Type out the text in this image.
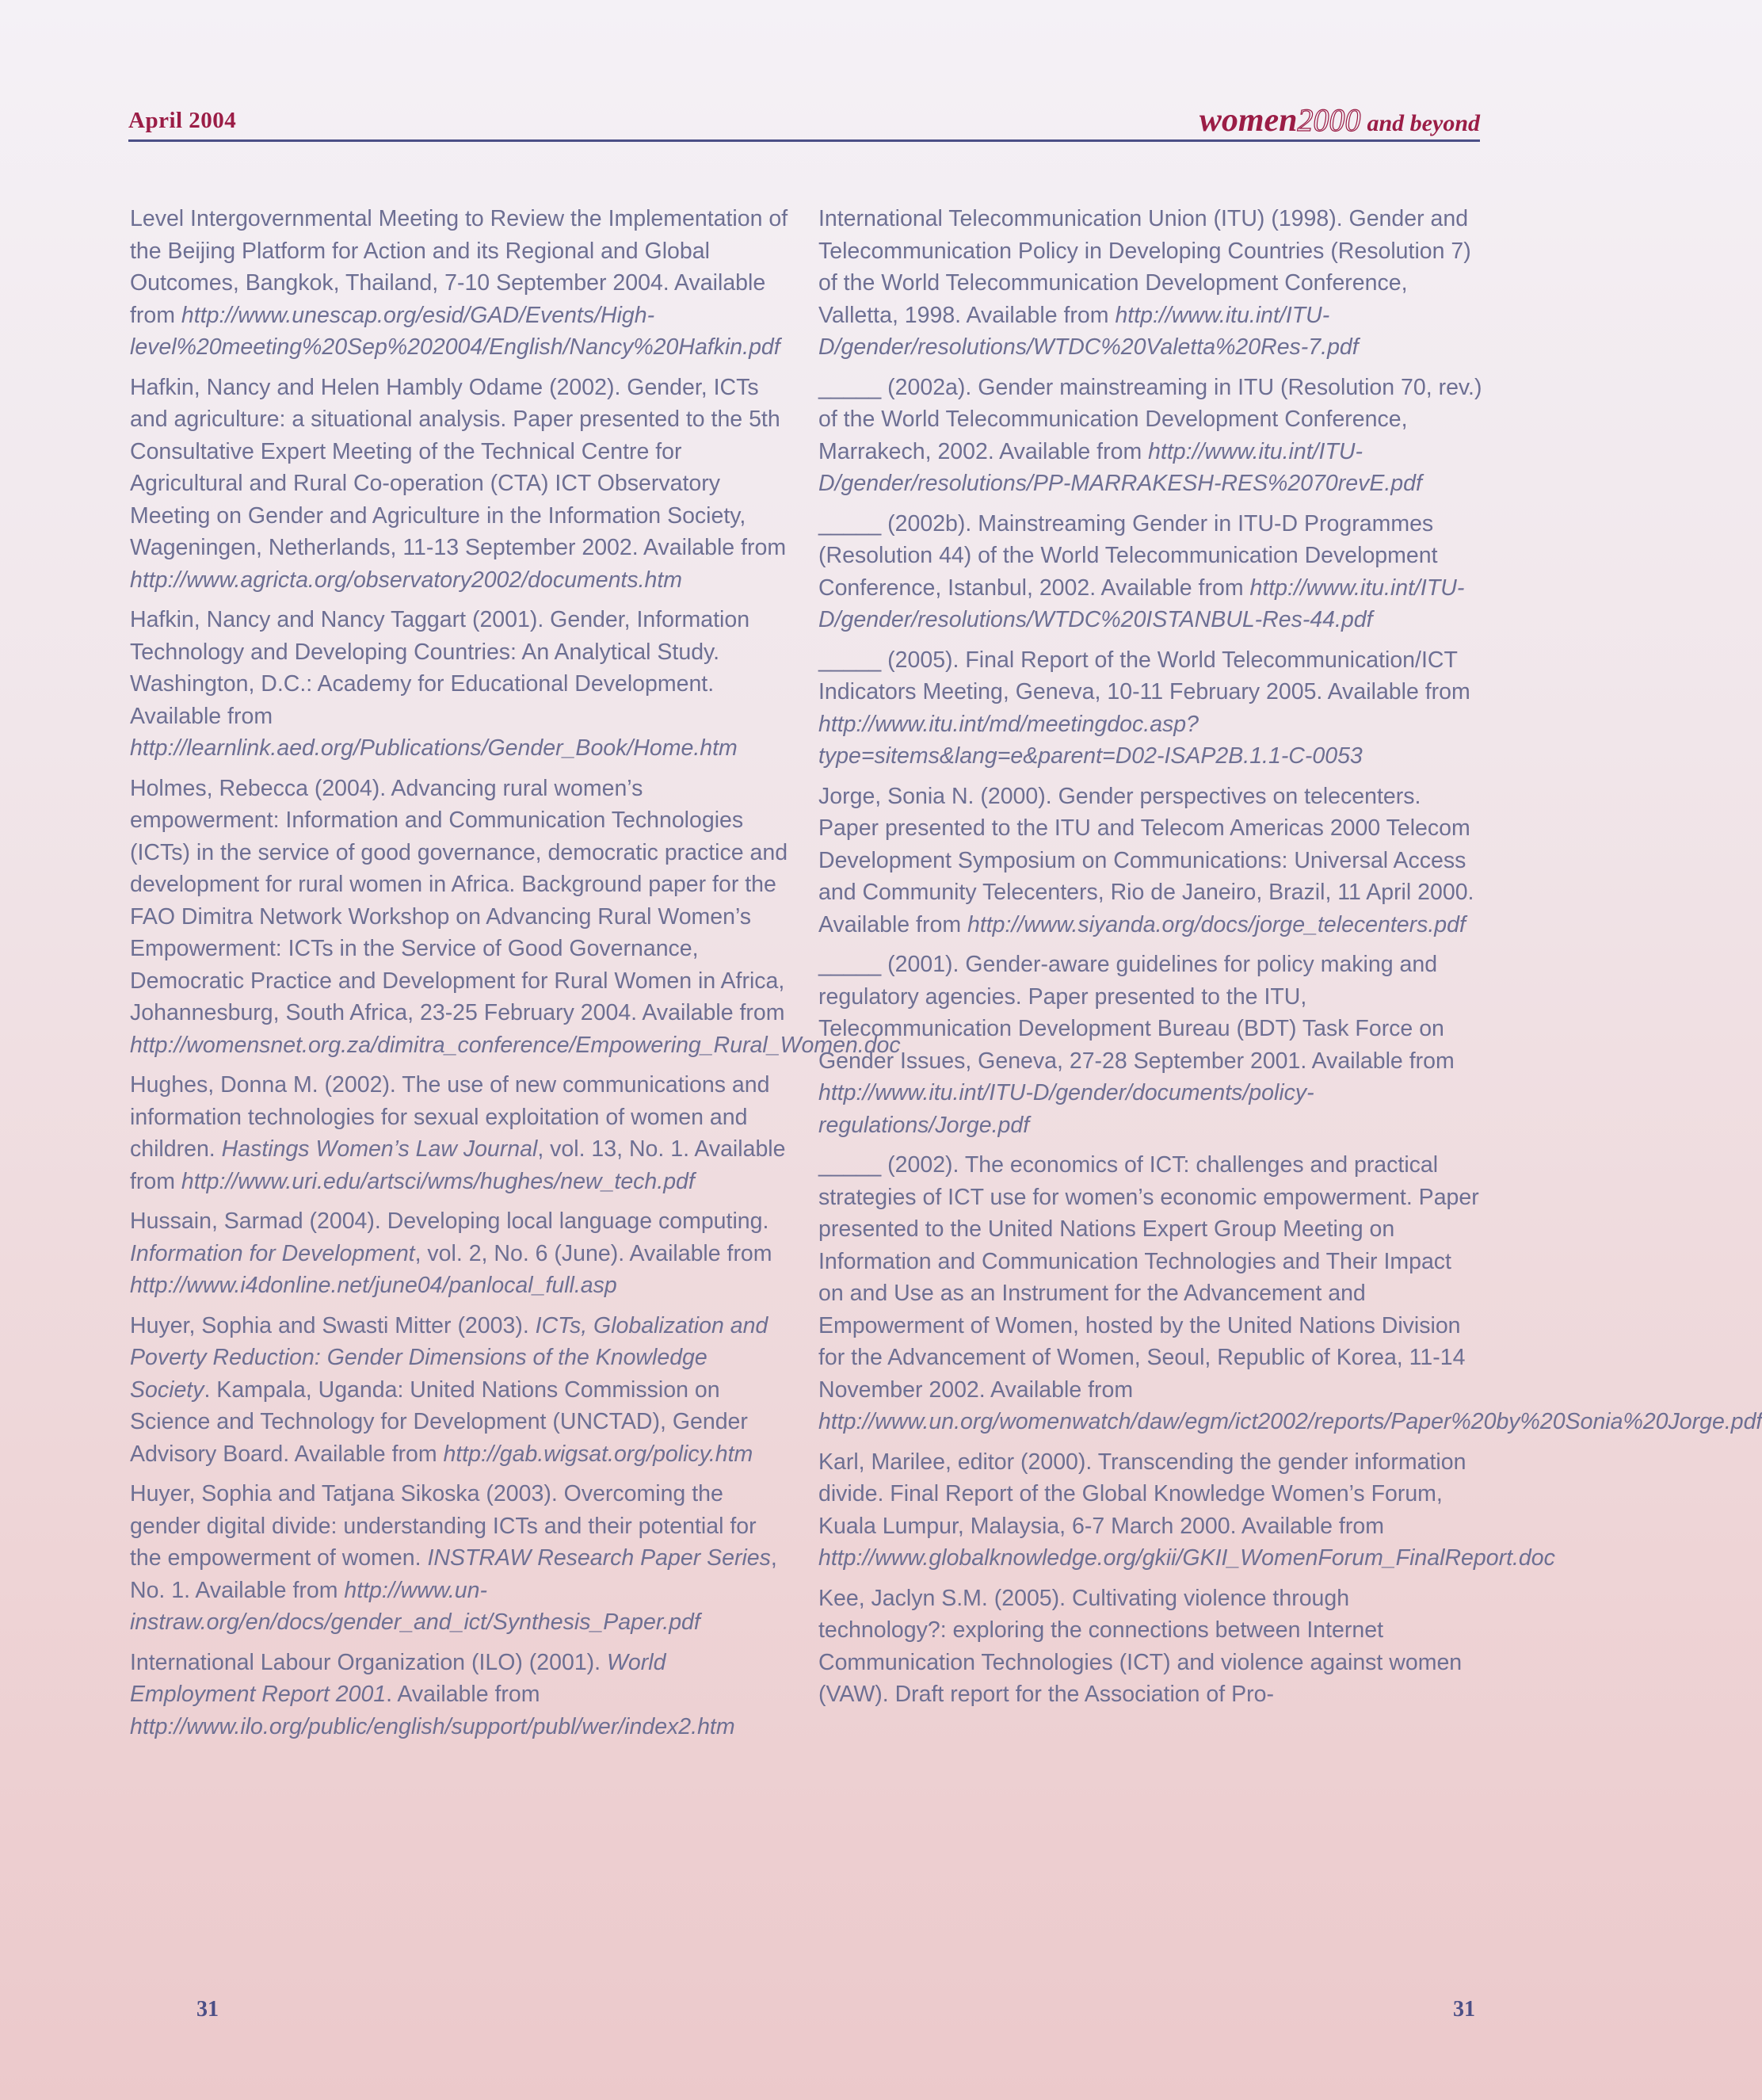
April 2004	women2000 and beyond

Level Intergovernmental Meeting to Review the Implementation of the Beijing Platform for Action and its Regional and Global Outcomes, Bangkok, Thailand, 7-10 September 2004. Available from http://www.unescap.org/esid/GAD/Events/High-level%20meeting%20Sep%202004/English/Nancy%20Hafkin.pdf

Hafkin, Nancy and Helen Hambly Odame (2002). Gender, ICTs and agriculture: a situational analysis. Paper presented to the 5th Consultative Expert Meeting of the Technical Centre for Agricultural and Rural Co-operation (CTA) ICT Observatory Meeting on Gender and Agriculture in the Information Society, Wageningen, Netherlands, 11-13 September 2002. Available from http://www.agricta.org/observatory2002/documents.htm

Hafkin, Nancy and Nancy Taggart (2001). Gender, Information Technology and Developing Countries: An Analytical Study. Washington, D.C.: Academy for Educational Development. Available from http://learnlink.aed.org/Publications/Gender_Book/Home.htm

Holmes, Rebecca (2004). Advancing rural women’s empowerment: Information and Communication Technologies (ICTs) in the service of good governance, democratic practice and development for rural women in Africa. Background paper for the FAO Dimitra Network Workshop on Advancing Rural Women’s Empowerment: ICTs in the Service of Good Governance, Democratic Practice and Development for Rural Women in Africa, Johannesburg, South Africa, 23-25 February 2004. Available from http://womensnet.org.za/dimitra_conference/Empowering_Rural_Women.doc

Hughes, Donna M. (2002). The use of new communications and information technologies for sexual exploitation of women and children. Hastings Women’s Law Journal, vol. 13, No. 1. Available from http://www.uri.edu/artsci/wms/hughes/new_tech.pdf

Hussain, Sarmad (2004). Developing local language computing. Information for Development, vol. 2, No. 6 (June). Available from http://www.i4donline.net/june04/panlocal_full.asp

Huyer, Sophia and Swasti Mitter (2003). ICTs, Globalization and Poverty Reduction: Gender Dimensions of the Knowledge Society. Kampala, Uganda: United Nations Commission on Science and Technology for Development (UNCTAD), Gender Advisory Board. Available from http://gab.wigsat.org/policy.htm

Huyer, Sophia and Tatjana Sikoska (2003). Overcoming the gender digital divide: understanding ICTs and their potential for the empowerment of women. INSTRAW Research Paper Series, No. 1. Available from http://www.un-instraw.org/en/docs/gender_and_ict/Synthesis_Paper.pdf

International Labour Organization (ILO) (2001). World Employment Report 2001. Available from http://www.ilo.org/public/english/support/publ/wer/index2.htm

International Telecommunication Union (ITU) (1998). Gender and Telecommunication Policy in Developing Countries (Resolution 7) of the World Telecommunication Development Conference, Valletta, 1998. Available from http://www.itu.int/ITU-D/gender/resolutions/WTDC%20Valetta%20Res-7.pdf

_____ (2002a). Gender mainstreaming in ITU (Resolution 70, rev.) of the World Telecommunication Development Conference, Marrakech, 2002. Available from http://www.itu.int/ITU-D/gender/resolutions/PP-MARRAKESH-RES%2070revE.pdf

_____ (2002b). Mainstreaming Gender in ITU-D Programmes (Resolution 44) of the World Telecommunication Development Conference, Istanbul, 2002. Available from http://www.itu.int/ITU-D/gender/resolutions/WTDC%20ISTANBUL-Res-44.pdf

_____ (2005). Final Report of the World Telecommunication/ICT Indicators Meeting, Geneva, 10-11 February 2005. Available from http://www.itu.int/md/meetingdoc.asp?type=sitems&lang=e&parent=D02-ISAP2B.1.1-C-0053

Jorge, Sonia N. (2000). Gender perspectives on telecenters. Paper presented to the ITU and Telecom Americas 2000 Telecom Development Symposium on Communications: Universal Access and Community Telecenters, Rio de Janeiro, Brazil, 11 April 2000. Available from http://www.siyanda.org/docs/jorge_telecenters.pdf

_____ (2001). Gender-aware guidelines for policy making and regulatory agencies. Paper presented to the ITU, Telecommunication Development Bureau (BDT) Task Force on Gender Issues, Geneva, 27-28 September 2001. Available from http://www.itu.int/ITU-D/gender/documents/policy-regulations/Jorge.pdf

_____ (2002). The economics of ICT: challenges and practical strategies of ICT use for women’s economic empowerment. Paper presented to the United Nations Expert Group Meeting on Information and Communication Technologies and Their Impact on and Use as an Instrument for the Advancement and Empowerment of Women, hosted by the United Nations Division for the Advancement of Women, Seoul, Republic of Korea, 11-14 November 2002. Available from http://www.un.org/womenwatch/daw/egm/ict2002/reports/Paper%20by%20Sonia%20Jorge.pdf

Karl, Marilee, editor (2000). Transcending the gender information divide. Final Report of the Global Knowledge Women’s Forum, Kuala Lumpur, Malaysia, 6-7 March 2000. Available from http://www.globalknowledge.org/gkii/GKII_WomenForum_FinalReport.doc

Kee, Jaclyn S.M. (2005). Cultivating violence through technology?: exploring the connections between Internet Communication Technologies (ICT) and violence against women (VAW). Draft report for the Association of Pro-

31	31
